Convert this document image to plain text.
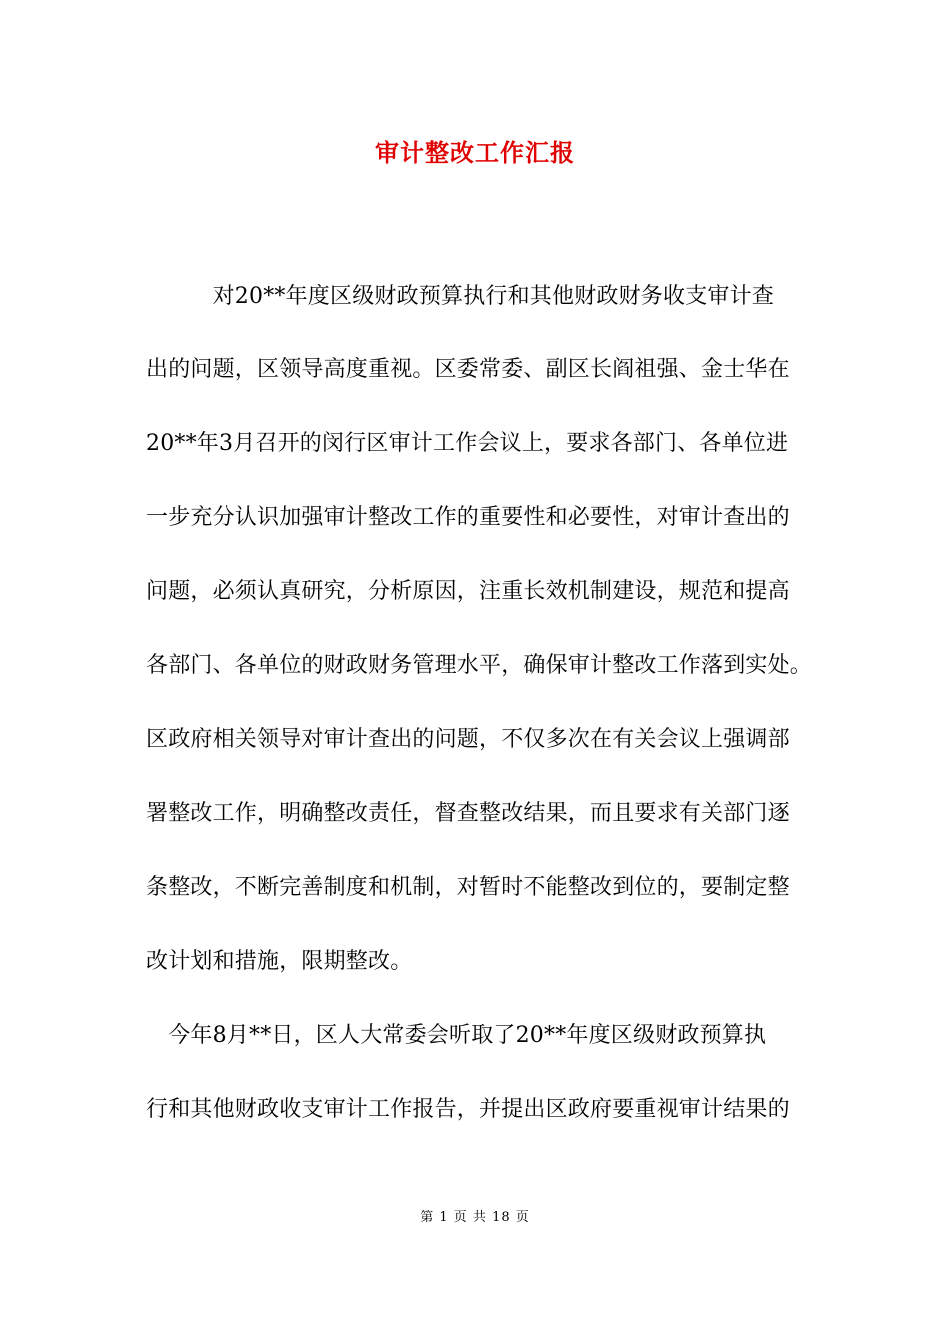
审计整改工作汇报
　　　对20**年度区级财政预算执行和其他财政财务收支审计查
出的问题，区领导高度重视。区委常委、副区长阎祖强、金士华在
20**年3月召开的闵行区审计工作会议上，要求各部门、各单位进
一步充分认识加强审计整改工作的重要性和必要性，对审计查出的
问题，必须认真研究，分析原因，注重长效机制建设，规范和提高
各部门、各单位的财政财务管理水平，确保审计整改工作落到实处。
区政府相关领导对审计查出的问题，不仅多次在有关会议上强调部
署整改工作，明确整改责任，督查整改结果，而且要求有关部门逐
条整改，不断完善制度和机制，对暂时不能整改到位的，要制定整
改计划和措施，限期整改。
　今年8月**日，区人大常委会听取了20**年度区级财政预算执
行和其他财政收支审计工作报告，并提出区政府要重视审计结果的
第 1 页 共 18 页
